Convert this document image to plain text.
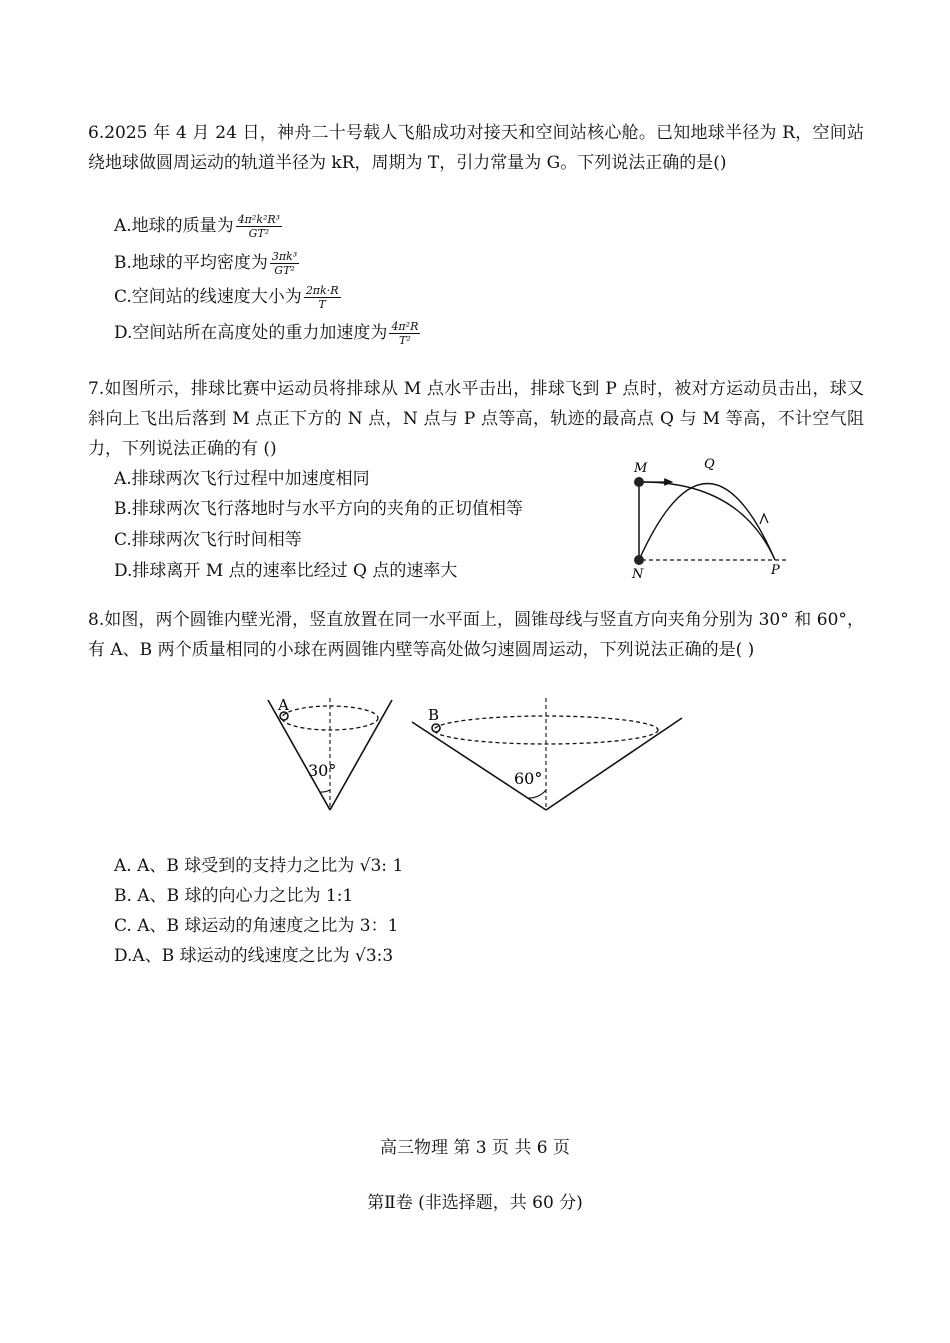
6.2025 年 4 月 24 日，神舟二十号载人飞船成功对接天和空间站核心舱。已知地球半径为 R，空间站绕地球做圆周运动的轨道半径为 kR，周期为 T，引力常量为 G。下列说法正确的是()
A.地球的质量为 $\frac{\text{4π²k²R³}}{\text{GT²}}$
B.地球的平均密度为 $\frac{\text{3πk³}}{\text{GT²}}$
C.空间站的线速度大小为 $\frac{2\pi k\cdot R}{T}$
D.空间站所在高度处的重力加速度为 $\frac{\text{4π²R}}{\text{T²}}$
7.如图所示，排球比赛中运动员将排球从 M 点水平击出，排球飞到 P 点时，被对方运动员击出，球又斜向上飞出后落到 M 点正下方的 N 点，N 点与 P 点等高，轨迹的最高点 Q 与 M 等高，不计空气阻力，下列说法正确的有 ()
A.排球两次飞行过程中加速度相同
B.排球两次飞行落地时与水平方向的夹角的正切值相等
C.排球两次飞行时间相等
D.排球离开 M 点的速率比经过 Q 点的速率大
M	Q
N	P
8.如图，两个圆锥内壁光滑，竖直放置在同一水平面上，圆锥母线与竖直方向夹角分别为 30° 和 60°，有 A、B 两个质量相同的小球在两圆锥内壁等高处做匀速圆周运动，下列说法正确的是( )
A
30°
B
60°
A. A、B 球受到的支持力之比为 √3: 1
B. A、B 球的向心力之比为 1:1
C. A、B 球运动的角速度之比为 3：1
D.A、B 球运动的线速度之比为 √3:3
高三物理 第 3 页 共 6 页
第Ⅱ卷 (非选择题，共 60 分)
